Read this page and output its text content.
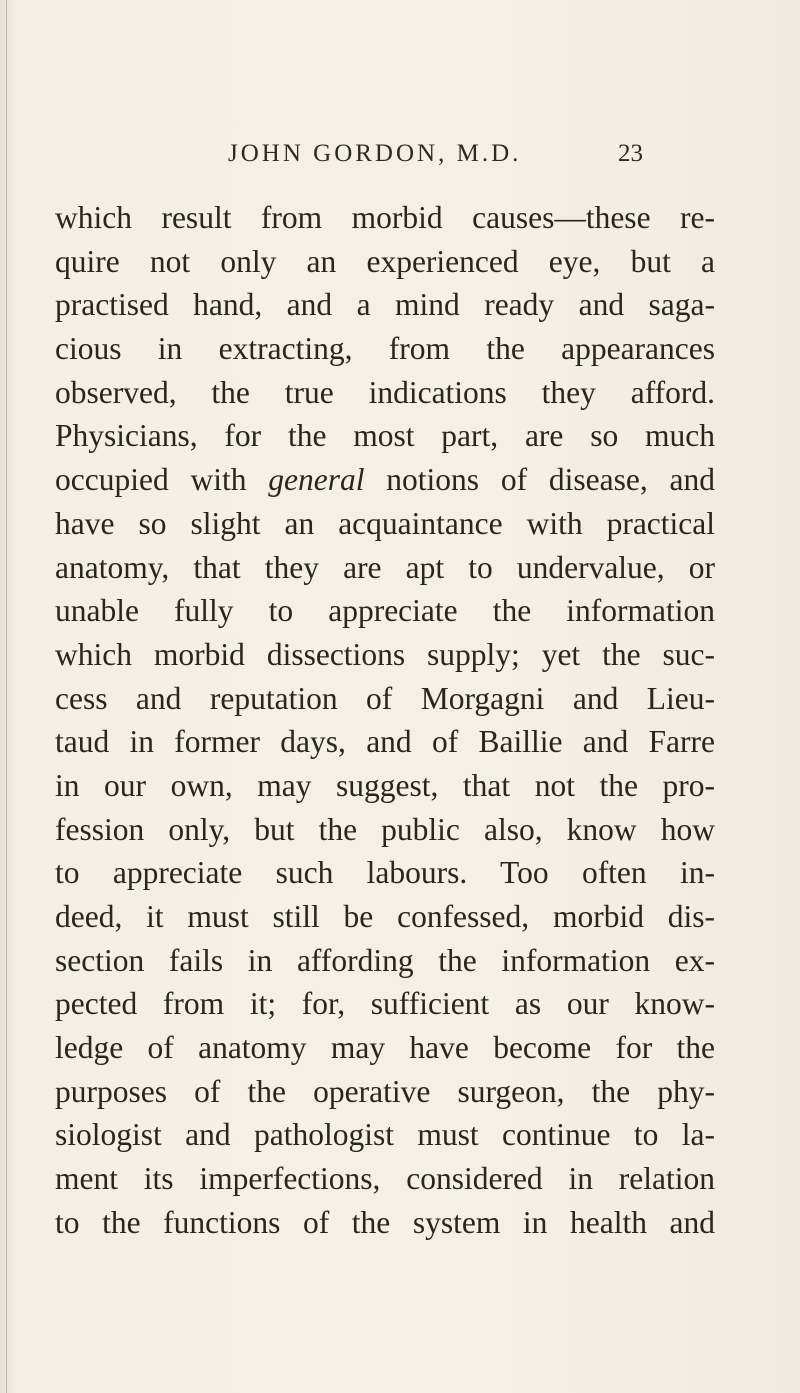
JOHN GORDON, M.D.	23
which result from morbid causes—these re-
quire not only an experienced eye, but a
practised hand, and a mind ready and saga-
cious in extracting, from the appearances
observed, the true indications they afford.
Physicians, for the most part, are so much
occupied with general notions of disease, and
have so slight an acquaintance with practical
anatomy, that they are apt to undervalue, or
unable fully to appreciate the information
which morbid dissections supply; yet the suc-
cess and reputation of Morgagni and Lieu-
taud in former days, and of Baillie and Farre
in our own, may suggest, that not the pro-
fession only, but the public also, know how
to appreciate such labours. Too often in-
deed, it must still be confessed, morbid dis-
section fails in affording the information ex-
pected from it; for, sufficient as our know-
ledge of anatomy may have become for the
purposes of the operative surgeon, the phy-
siologist and pathologist must continue to la-
ment its imperfections, considered in relation
to the functions of the system in health and
